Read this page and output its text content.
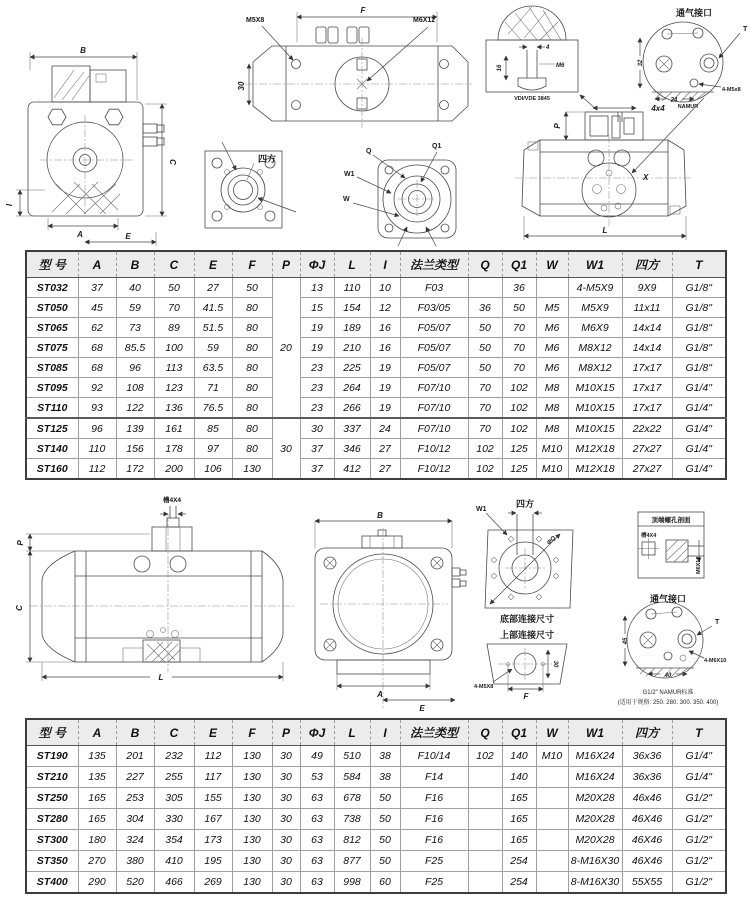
B
C
I
A	E
F
M5X8	M6X12
30
四方
Q
Q1
W1
W
4
M6
16
VDI/VDE 3845
通气接口
32
24
T
4-M5x8
NAMUR
4x4
P
X
L
型 号	A	B	C	E	F	P	ΦJ	L	I	法兰类型	Q	Q1	W	W1	四方	T
ST032	37	40	50	27	50	20	13	110	10	F03		36		4-M5X9	9X9	G1/8"
ST050	45	59	70	41.5	80		15	154	12	F03/05	36	50	M5	M5X9	11x11	G1/8"
ST065	62	73	89	51.5	80		19	189	16	F05/07	50	70	M6	M6X9	14x14	G1/8"
ST075	68	85.5	100	59	80		19	210	16	F05/07	50	70	M6	M8X12	14x14	G1/8"
ST085	68	96	113	63.5	80		23	225	19	F05/07	50	70	M6	M8X12	17x17	G1/8"
ST095	92	108	123	71	80		23	264	19	F07/10	70	102	M8	M10X15	17x17	G1/4"
ST110	93	122	136	76.5	80		23	266	19	F07/10	70	102	M8	M10X15	17x17	G1/4"
ST125	96	139	161	85	80	30	30	337	24	F07/10	70	102	M8	M10X15	22x22	G1/4"
ST140	110	156	178	97	80		37	346	27	F10/12	102	125	M10	M12X18	27x27	G1/4"
ST160	112	172	200	106	130		37	412	27	F10/12	102	125	M10	M12X18	27x27	G1/4"
槽4X4
P
C
L
B
A
E
W1
四方
ΦQ
底部连接尺寸
上部连接尺寸
30
F
4-M5X8
顶端螺孔剖面
槽4X4
M6X12
通气接口
45
40
T
4-M6X10
G1/2" NAMUR标准
(适用于规格: 250. 280. 300. 350. 400)
型 号	A	B	C	E	F	P	ΦJ	L	I	法兰类型	Q	Q1	W	W1	四方	T
ST190	135	201	232	112	130	30	49	510	38	F10/14	102	140	M10	M16X24	36x36	G1/4"
ST210	135	227	255	117	130	30	53	584	38	F14		140		M16X24	36x36	G1/4"
ST250	165	253	305	155	130	30	63	678	50	F16		165		M20X28	46x46	G1/2"
ST280	165	304	330	167	130	30	63	738	50	F16		165		M20X28	46X46	G1/2"
ST300	180	324	354	173	130	30	63	812	50	F16		165		M20X28	46X46	G1/2"
ST350	270	380	410	195	130	30	63	877	50	F25		254		8-M16X30	46X46	G1/2"
ST400	290	520	466	269	130	30	63	998	60	F25		254		8-M16X30	55X55	G1/2"
